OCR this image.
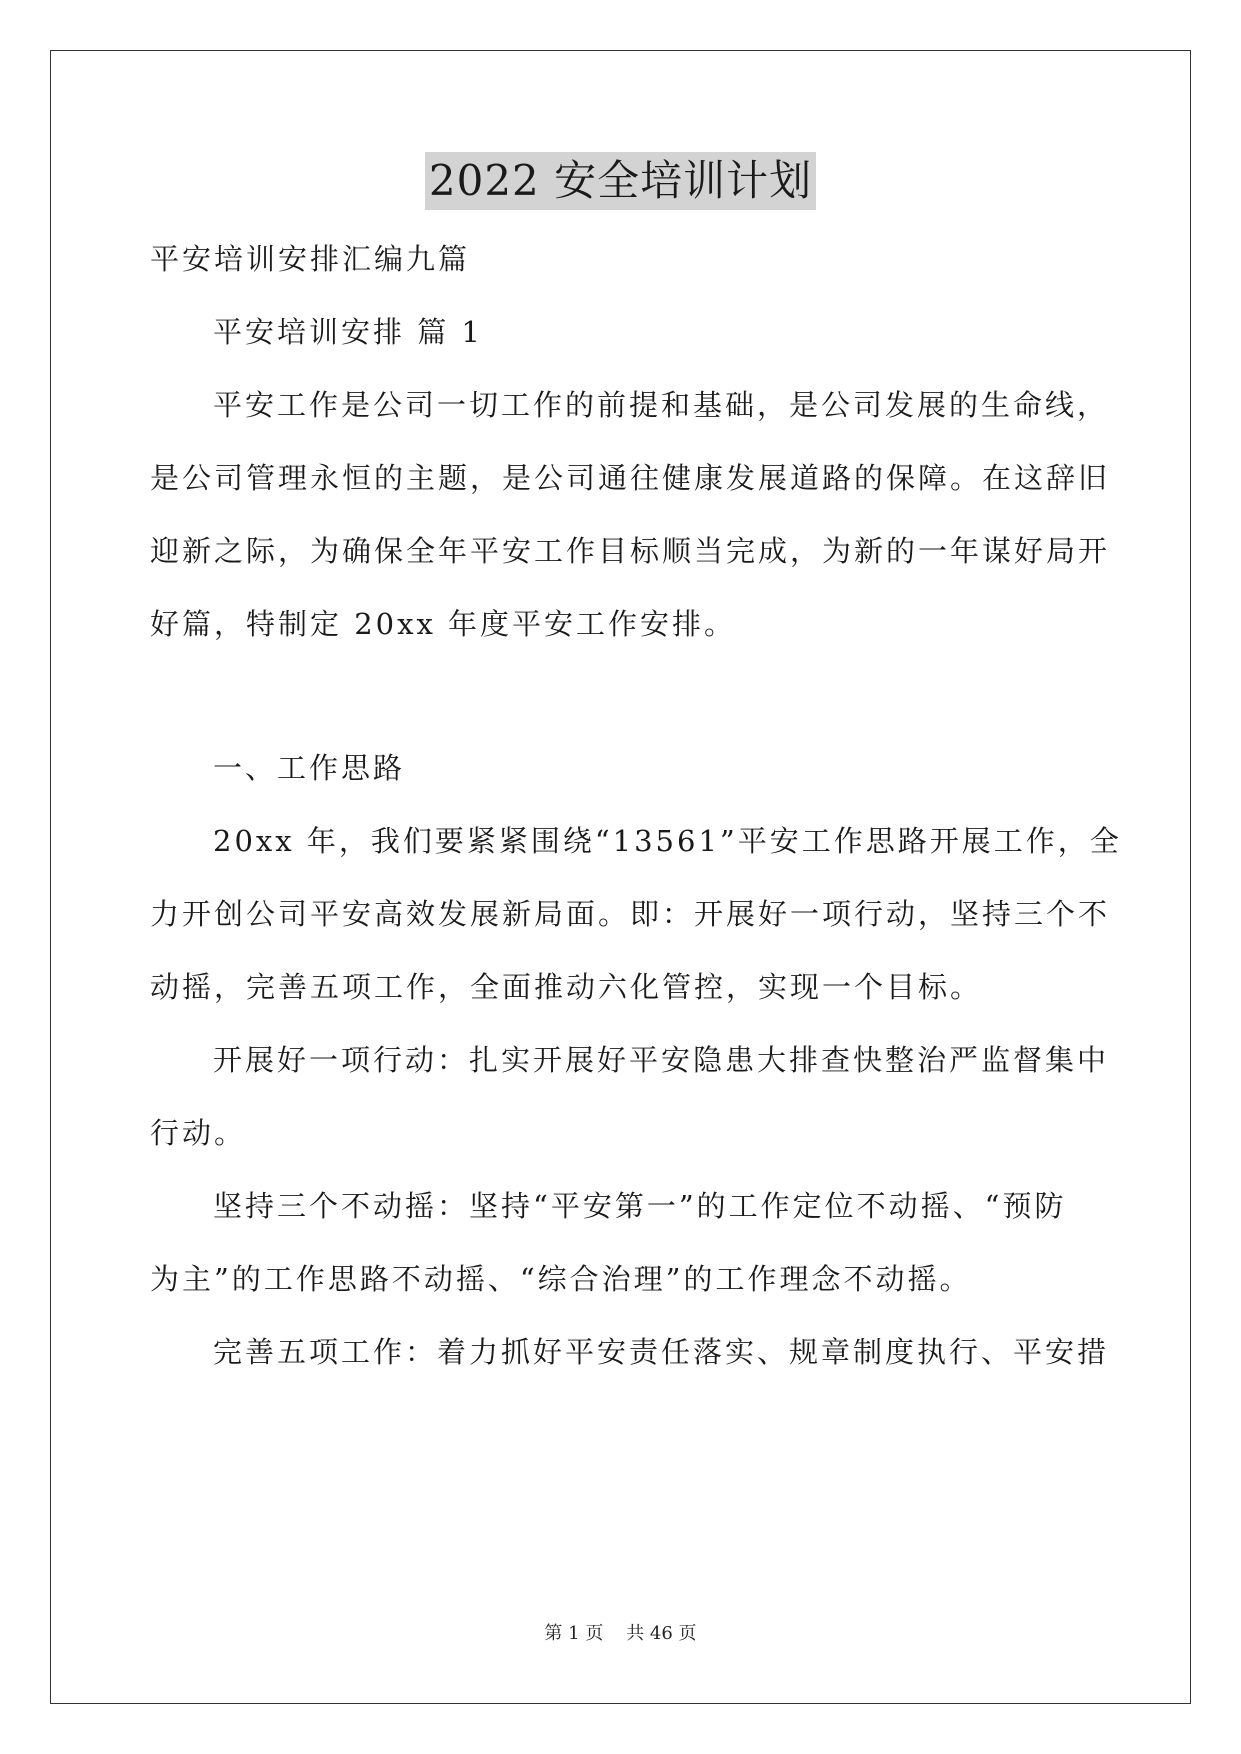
2022 安全培训计划
平安培训安排汇编九篇
平安培训安排 篇 1
平安工作是公司一切工作的前提和基础，是公司发展的生命线，
是公司管理永恒的主题，是公司通往健康发展道路的保障。在这辞旧
迎新之际，为确保全年平安工作目标顺当完成，为新的一年谋好局开
好篇，特制定 20xx 年度平安工作安排。
一、工作思路
20xx 年，我们要紧紧围绕“13561”平安工作思路开展工作，全
力开创公司平安高效发展新局面。即：开展好一项行动，坚持三个不
动摇，完善五项工作，全面推动六化管控，实现一个目标。
开展好一项行动：扎实开展好平安隐患大排查快整治严监督集中
行动。
坚持三个不动摇：坚持“平安第一”的工作定位不动摇、“预防
为主”的工作思路不动摇、“综合治理”的工作理念不动摇。
完善五项工作：着力抓好平安责任落实、规章制度执行、平安措
第 1 页    共 46 页
